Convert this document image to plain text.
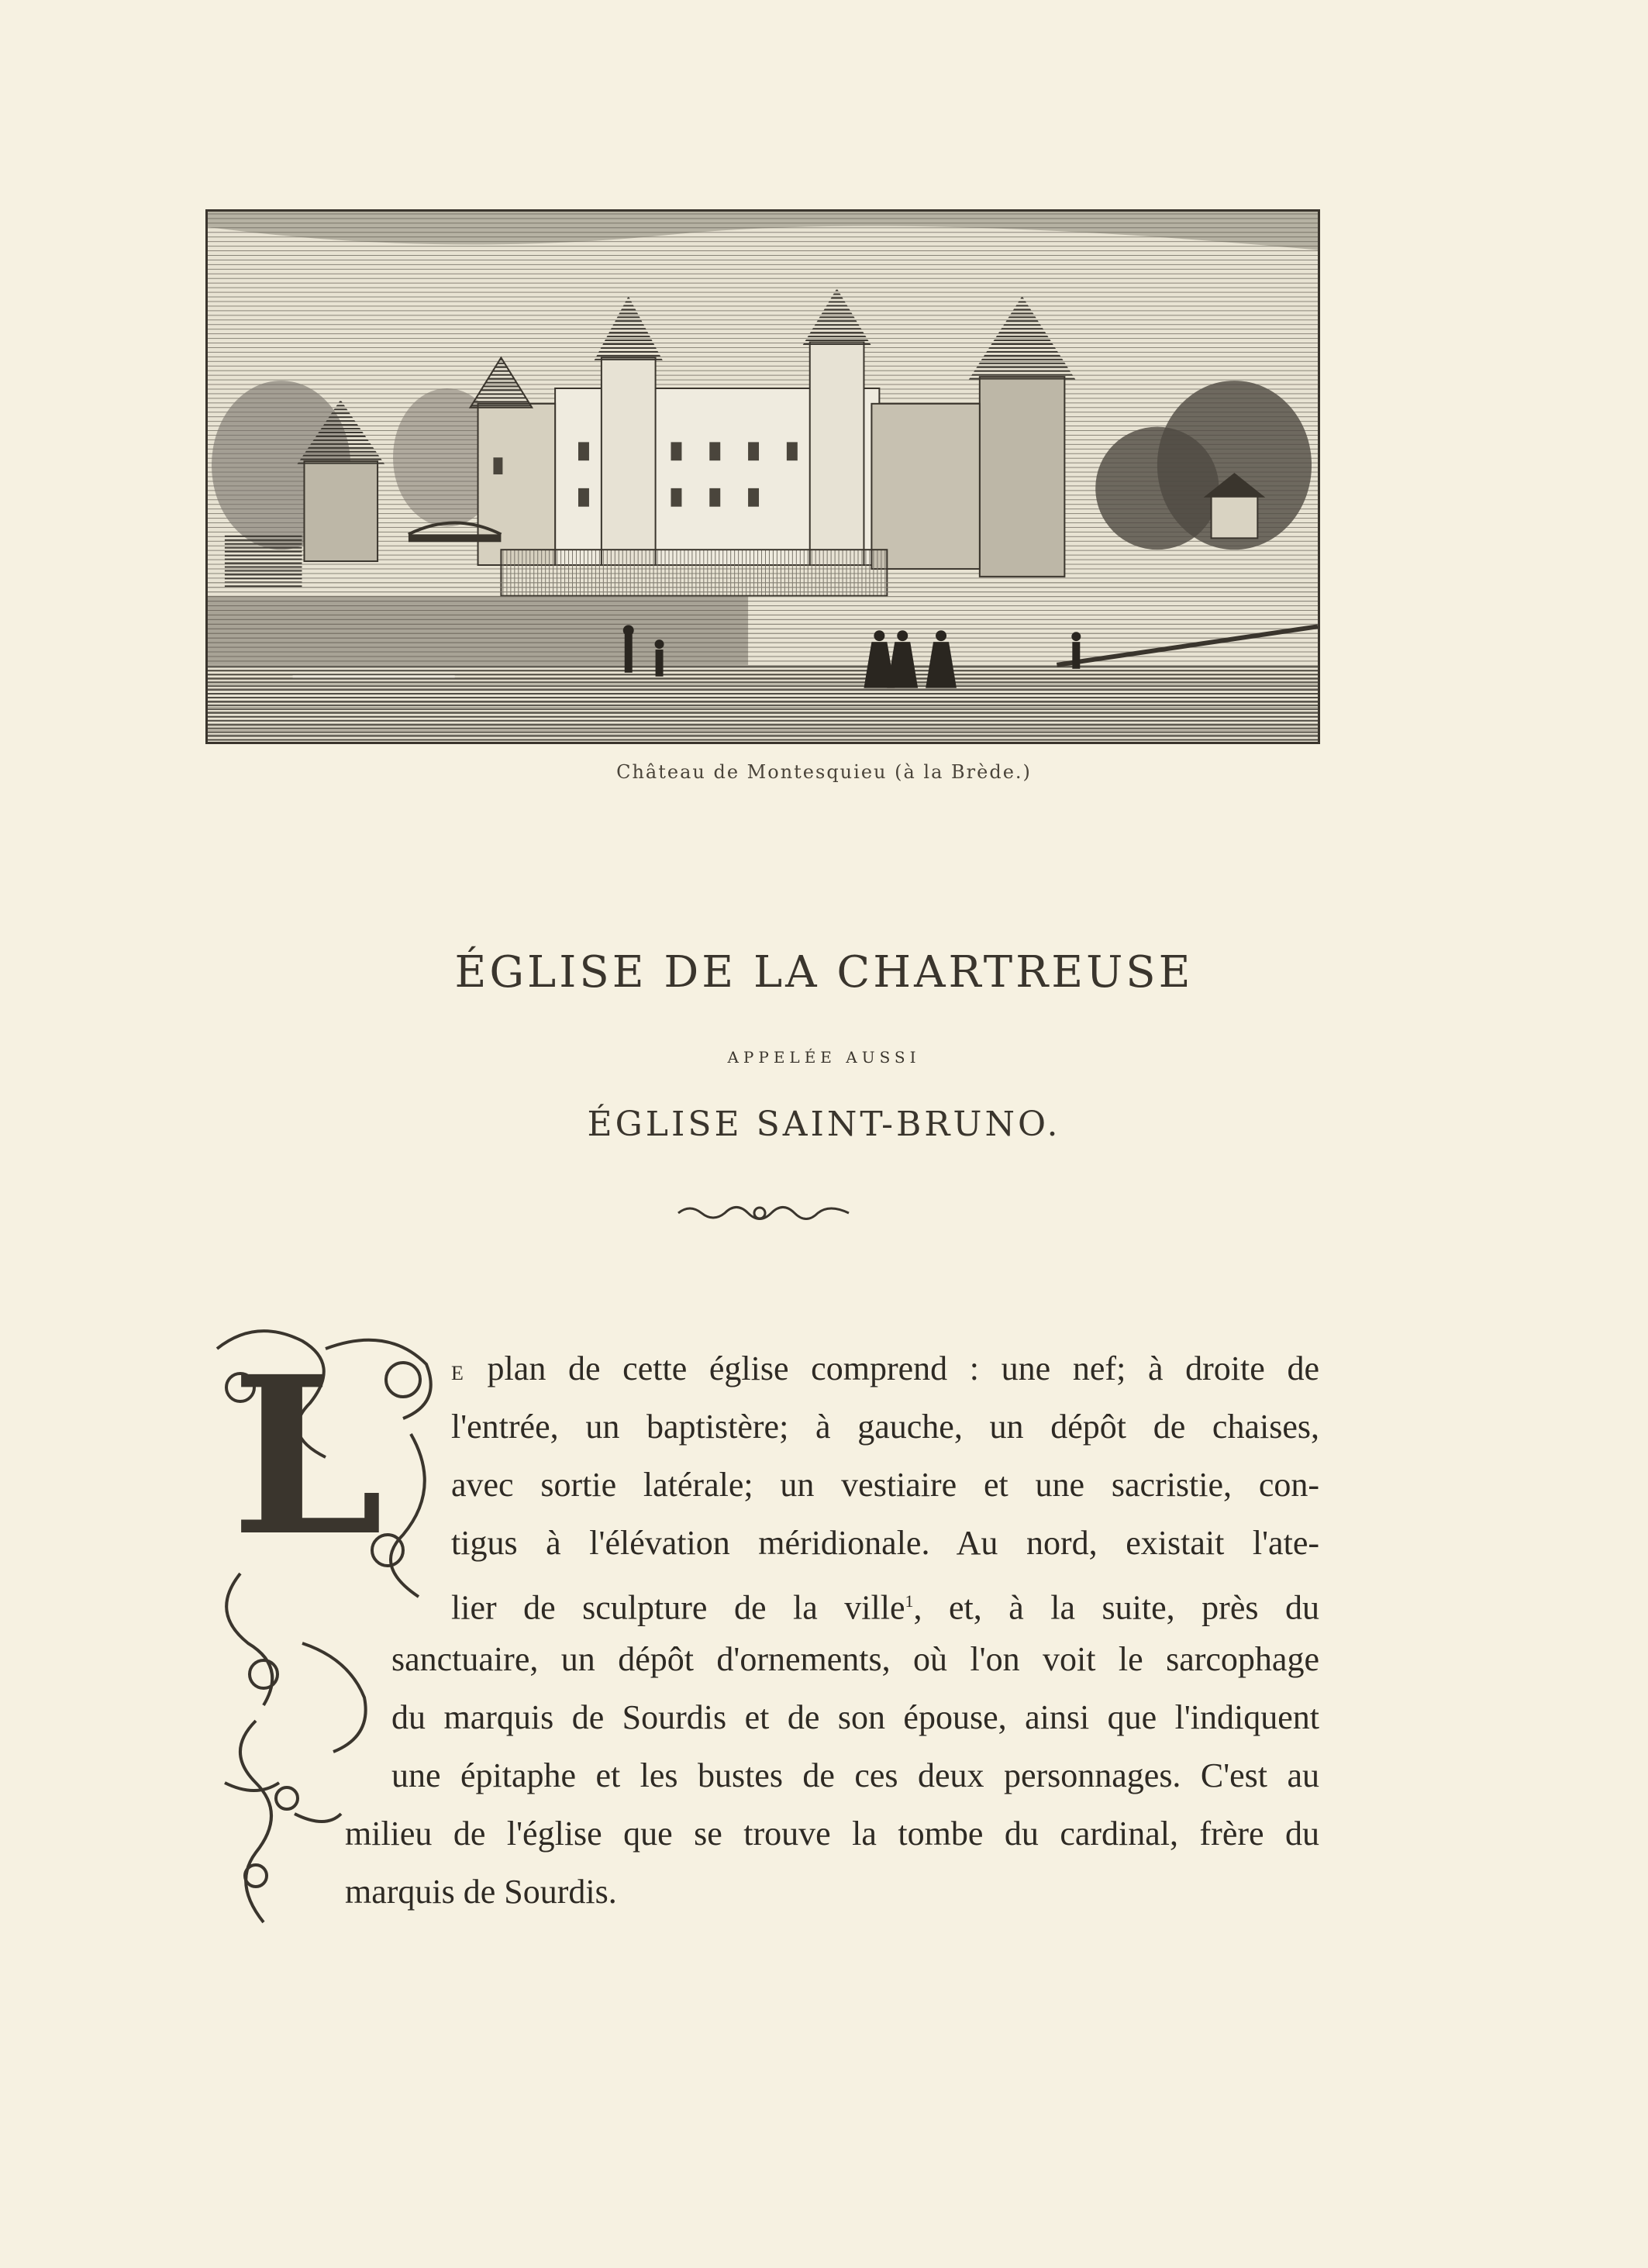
Château de Montesquieu (à la Brède.)
ÉGLISE DE LA CHARTREUSE
APPELÉE AUSSI
ÉGLISE SAINT-BRUNO.
L	E plan de cette église comprend : une nef; à droite de
l'entrée, un baptistère; à gauche, un dépôt de chaises,
avec sortie latérale; un vestiaire et une sacristie, con-
tigus à l'élévation méridionale. Au nord, existait l'ate-
lier de sculpture de la ville$^1$, et, à la suite, près du
sanctuaire, un dépôt d'ornements, où l'on voit le sarcophage
du marquis de Sourdis et de son épouse, ainsi que l'indiquent
une épitaphe et les bustes de ces deux personnages. C'est au
milieu de l'église que se trouve la tombe du cardinal, frère du
marquis de Sourdis.
